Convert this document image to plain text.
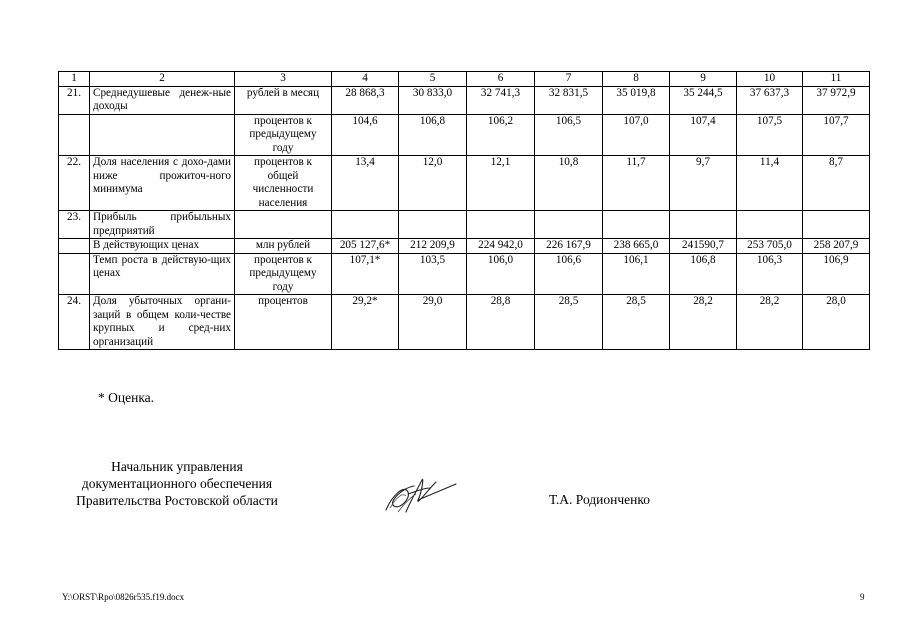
1	2	3	4	5	6	7	8	9	10	11
21.	Среднедушевые денеж-ные доходы	рублей в месяц	28 868,3	30 833,0	32 741,3	32 831,5	35 019,8	35 244,5	37 637,3	37 972,9
		процентов к предыдущему году	104,6	106,8	106,2	106,5	107,0	107,4	107,5	107,7
22.	Доля населения с дохо-дами ниже прожиточ-ного минимума	процентов к общей численности населения	13,4	12,0	12,1	10,8	11,7	9,7	11,4	8,7
23.	Прибыль прибыльных предприятий									
	В действующих ценах	млн рублей	205 127,6*	212 209,9	224 942,0	226 167,9	238 665,0	241590,7	253 705,0	258 207,9
	Темп роста в действую-щих ценах	процентов к предыдущему году	107,1*	103,5	106,0	106,6	106,1	106,8	106,3	106,9
24.	Доля убыточных органи-заций в общем коли-честве крупных и сред-них организаций	процентов	29,2*	29,0	28,8	28,5	28,5	28,2	28,2	28,0
* Оценка.
Начальник управления
документационного обеспечения
Правительства Ростовской области	Т.А. Родионченко
Y:\ORST\Rpo\0826r535.f19.docx	9
